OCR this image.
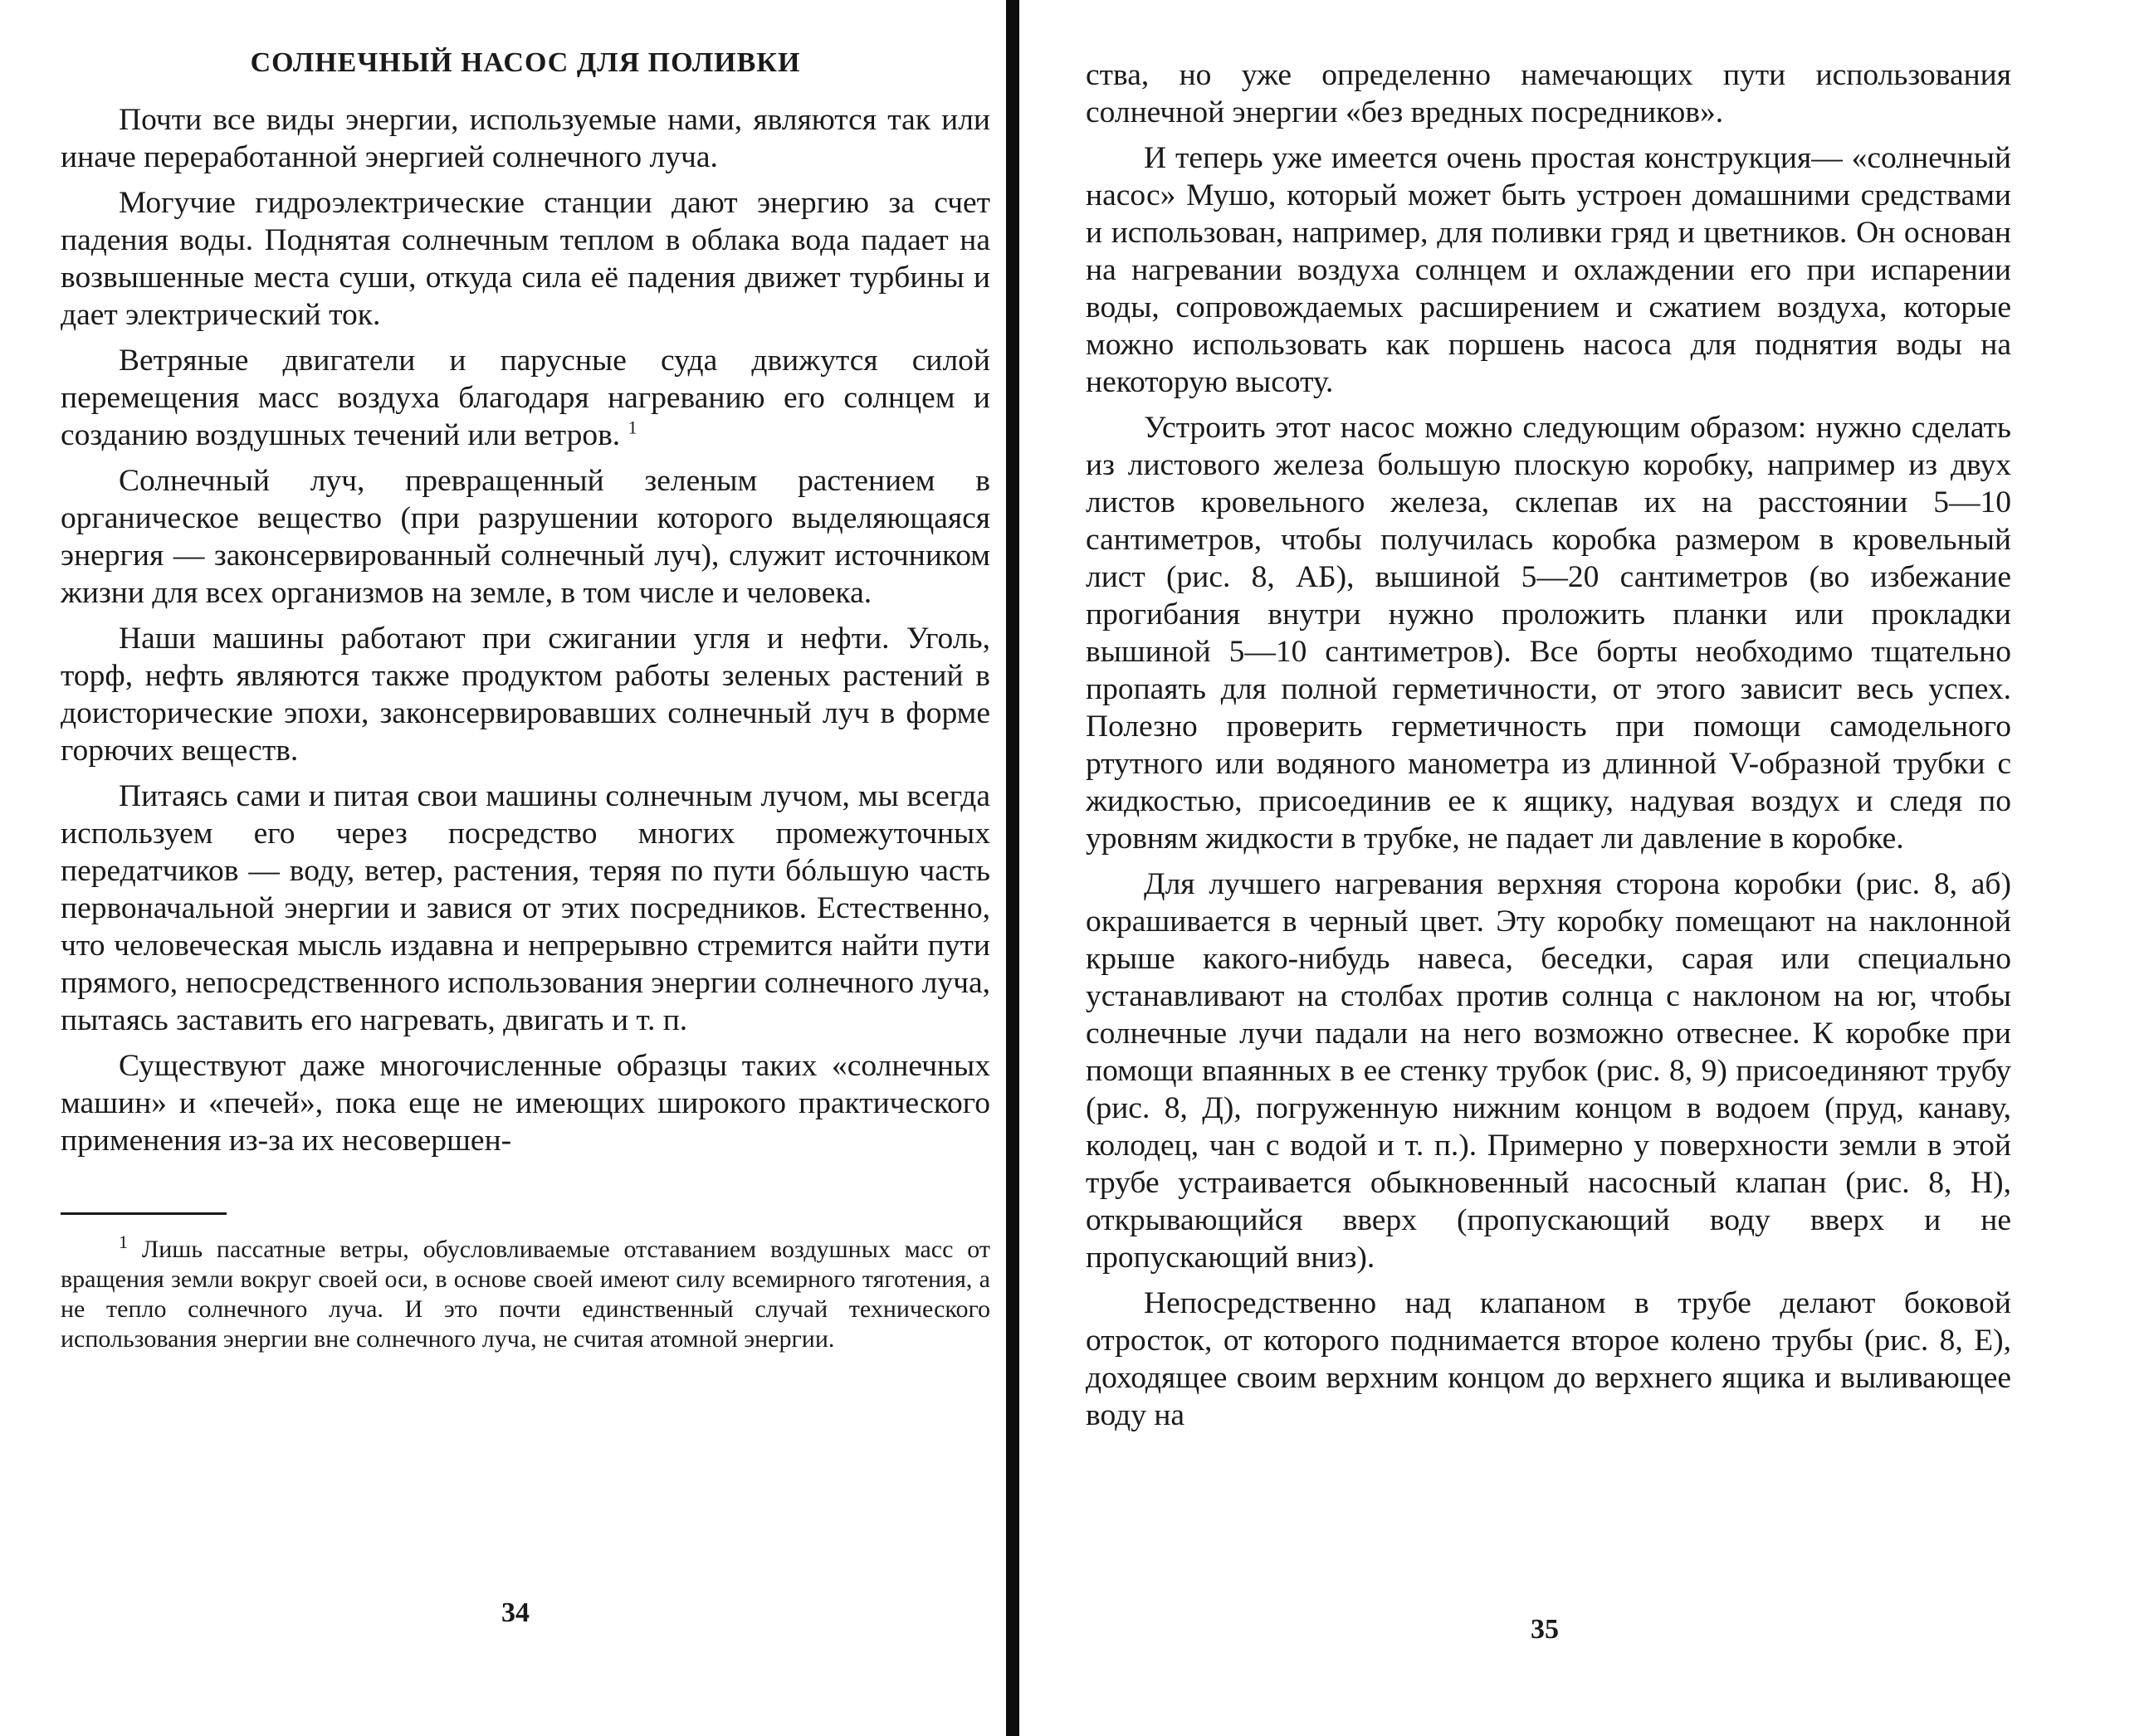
СОЛНЕЧНЫЙ НАСОС ДЛЯ ПОЛИВКИ

Почти все виды энергии, используемые нами, являются так или иначе переработанной энергией солнечного луча.

Могучие гидроэлектрические станции дают энергию за счет падения воды. Поднятая солнечным теплом в облака вода падает на возвышенные места суши, откуда сила её падения движет турбины и дает электрический ток.

Ветряные двигатели и парусные суда движутся силой перемещения масс воздуха благодаря нагреванию его солнцем и созданию воздушных течений или ветров. $^1$

Солнечный луч, превращенный зеленым растением в органическое вещество (при разрушении которого выделяющаяся энергия — законсервированный солнечный луч), служит источником жизни для всех организмов на земле, в том числе и человека.

Наши машины работают при сжигании угля и нефти. Уголь, торф, нефть являются также продуктом работы зеленых растений в доисторические эпохи, законсервировавших солнечный луч в форме горючих веществ.

Питаясь сами и питая свои машины солнечным лучом, мы всегда используем его через посредство многих промежуточных передатчиков — воду, ветер, растения, теряя по пути бóльшую часть первоначальной энергии и завися от этих посредников. Естественно, что человеческая мысль издавна и непрерывно стремится найти пути прямого, непосредственного использования энергии солнечного луча, пытаясь заставить его нагревать, двигать и т. п.

Существуют даже многочисленные образцы таких «солнечных машин» и «печей», пока еще не имеющих широкого практического применения из-за их несовершен-

$^1$ Лишь пассатные ветры, обусловливаемые отставанием воздушных масс от вращения земли вокруг своей оси, в основе своей имеют силу всемирного тяготения, а не тепло солнечного луча. И это почти единственный случай технического использования энергии вне солнечного луча, не считая атомной энергии.

34

ства, но уже определенно намечающих пути использования солнечной энергии «без вредных посредников».

И теперь уже имеется очень простая конструкция— «солнечный насос» Мушо, который может быть устроен домашними средствами и использован, например, для поливки гряд и цветников. Он основан на нагревании воздуха солнцем и охлаждении его при испарении воды, сопровождаемых расширением и сжатием воздуха, которые можно использовать как поршень насоса для поднятия воды на некоторую высоту.

Устроить этот насос можно следующим образом: нужно сделать из листового железа большую плоскую коробку, например из двух листов кровельного железа, склепав их на расстоянии 5—10 сантиметров, чтобы получилась коробка размером в кровельный лист (рис. 8, АБ), вышиной 5—20 сантиметров (во избежание прогибания внутри нужно проложить планки или прокладки вышиной 5—10 сантиметров). Все борты необходимо тщательно пропаять для полной герметичности, от этого зависит весь успех. Полезно проверить герметичность при помощи самодельного ртутного или водяного манометра из длинной V-образной трубки с жидкостью, присоединив ее к ящику, надувая воздух и следя по уровням жидкости в трубке, не падает ли давление в коробке.

Для лучшего нагревания верхняя сторона коробки (рис. 8, аб) окрашивается в черный цвет. Эту коробку помещают на наклонной крыше какого-нибудь навеса, беседки, сарая или специально устанавливают на столбах против солнца с наклоном на юг, чтобы солнечные лучи падали на него возможно отвеснее. К коробке при помощи впаянных в ее стенку трубок (рис. 8, 9) присоединяют трубу (рис. 8, Д), погруженную нижним концом в водоем (пруд, канаву, колодец, чан с водой и т. п.). Примерно у поверхности земли в этой трубе устраивается обыкновенный насосный клапан (рис. 8, Н), открывающийся вверх (пропускающий воду вверх и не пропускающий вниз).

Непосредственно над клапаном в трубе делают боковой отросток, от которого поднимается второе колено трубы (рис. 8, Е), доходящее своим верхним концом до верхнего ящика и выливающее воду на

35
